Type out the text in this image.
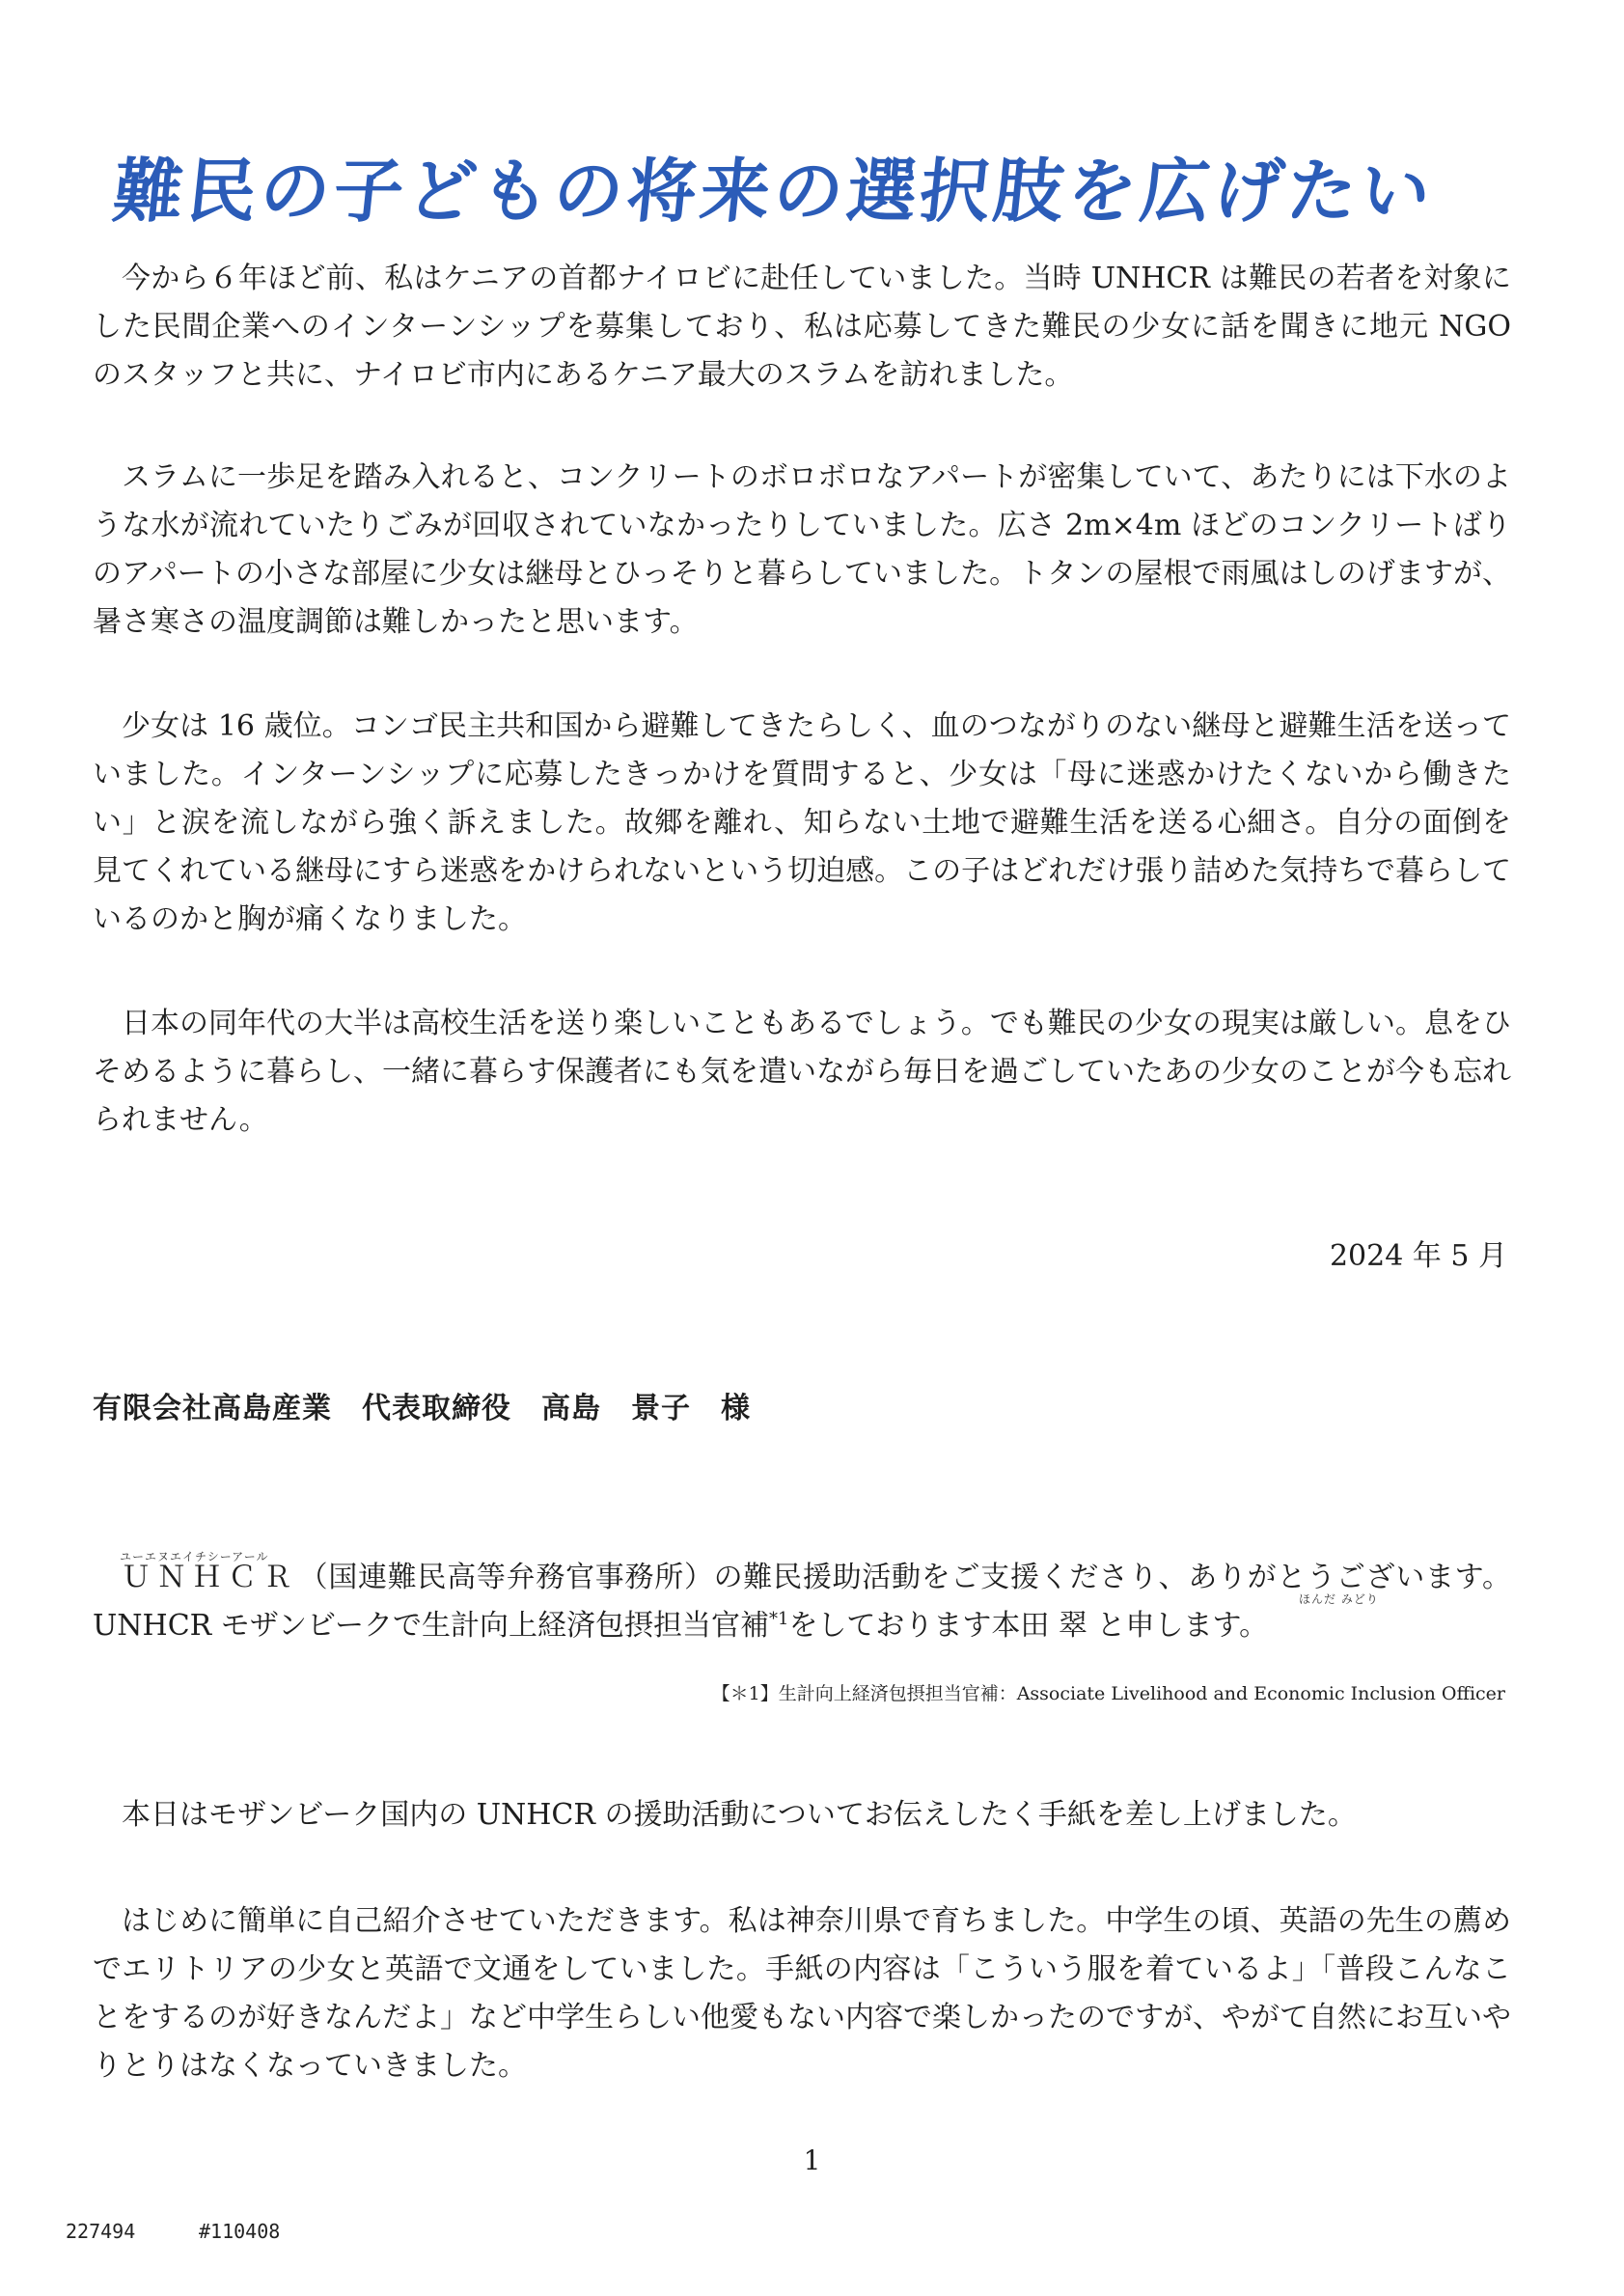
難民の子どもの将来の選択肢を広げたい

今から６年ほど前、私はケニアの首都ナイロビに赴任していました。当時 UNHCR は難民の若者を対象にした民間企業へのインターンシップを募集しており、私は応募してきた難民の少女に話を聞きに地元 NGO のスタッフと共に、ナイロビ市内にあるケニア最大のスラムを訪れました。

スラムに一歩足を踏み入れると、コンクリートのボロボロなアパートが密集していて、あたりには下水のような水が流れていたりごみが回収されていなかったりしていました。広さ 2m×4m ほどのコンクリートばりのアパートの小さな部屋に少女は継母とひっそりと暮らしていました。トタンの屋根で雨風はしのげますが、暑さ寒さの温度調節は難しかったと思います。

少女は 16 歳位。コンゴ民主共和国から避難してきたらしく、血のつながりのない継母と避難生活を送っていました。インターンシップに応募したきっかけを質問すると、少女は「母に迷惑かけたくないから働きたい」と涙を流しながら強く訴えました。故郷を離れ、知らない土地で避難生活を送る心細さ。自分の面倒を見てくれている継母にすら迷惑をかけられないという切迫感。この子はどれだけ張り詰めた気持ちで暮らしているのかと胸が痛くなりました。

日本の同年代の大半は高校生活を送り楽しいこともあるでしょう。でも難民の少女の現実は厳しい。息をひそめるように暮らし、一緒に暮らす保護者にも気を遣いながら毎日を過ごしていたあの少女のことが今も忘れられません。

2024 年 5 月

有限会社高島産業　代表取締役　高島　景子　様

ユーエヌエイチシーアール
ほんだ みどり
ＵＮＨＣＲ（国連難民高等弁務官事務所）の難民援助活動をご支援くださり、ありがとうございます。UNHCR モザンビークで生計向上経済包摂担当官補$^{*1}$をしております本田 翠 と申します。

【＊1】生計向上経済包摂担当官補：Associate Livelihood and Economic Inclusion Officer

本日はモザンビーク国内の UNHCR の援助活動についてお伝えしたく手紙を差し上げました。

はじめに簡単に自己紹介させていただきます。私は神奈川県で育ちました。中学生の頃、英語の先生の薦めでエリトリアの少女と英語で文通をしていました。手紙の内容は「こういう服を着ているよ」「普段こんなことをするのが好きなんだよ」など中学生らしい他愛もない内容で楽しかったのですが、やがて自然にお互いやりとりはなくなっていきました。

1

227494	#110408
